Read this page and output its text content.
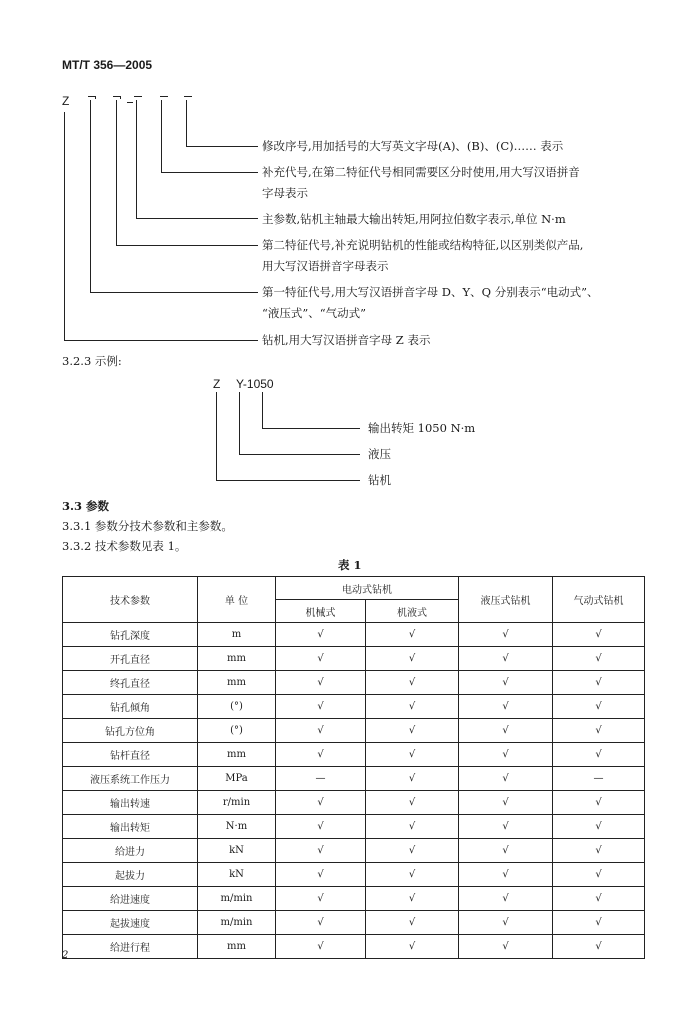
MT/T 356—2005
Z
修改序号,用加括号的大写英文字母(A)、(B)、(C)…… 表示
补充代号,在第二特征代号相同需要区分时使用,用大写汉语拼音
字母表示
主参数,钻机主轴最大输出转矩,用阿拉伯数字表示,单位 N·m
第二特征代号,补充说明钻机的性能或结构特征,以区别类似产品,
用大写汉语拼音字母表示
第一特征代号,用大写汉语拼音字母 D、Y、Q 分别表示“电动式”、
“液压式”、“气动式”
钻机,用大写汉语拼音字母 Z 表示
3.2.3 示例:
Z Y-1050
输出转矩 1050 N·m
液压
钻机
3.3 参数
3.3.1 参数分技术参数和主参数。
3.3.2 技术参数见表 1。
表 1
技术参数	单 位	电动式钻机		液压式钻机	气动式钻机
		机械式	机液式		
钻孔深度	m	√	√	√	√
开孔直径	mm	√	√	√	√
终孔直径	mm	√	√	√	√
钻孔倾角	(°)	√	√	√	√
钻孔方位角	(°)	√	√	√	√
钻杆直径	mm	√	√	√	√
液压系统工作压力	MPa	—	√	√	—
输出转速	r/min	√	√	√	√
输出转矩	N·m	√	√	√	√
给进力	kN	√	√	√	√
起拔力	kN	√	√	√	√
给进速度	m/min	√	√	√	√
起拔速度	m/min	√	√	√	√
给进行程	mm	√	√	√	√
2
